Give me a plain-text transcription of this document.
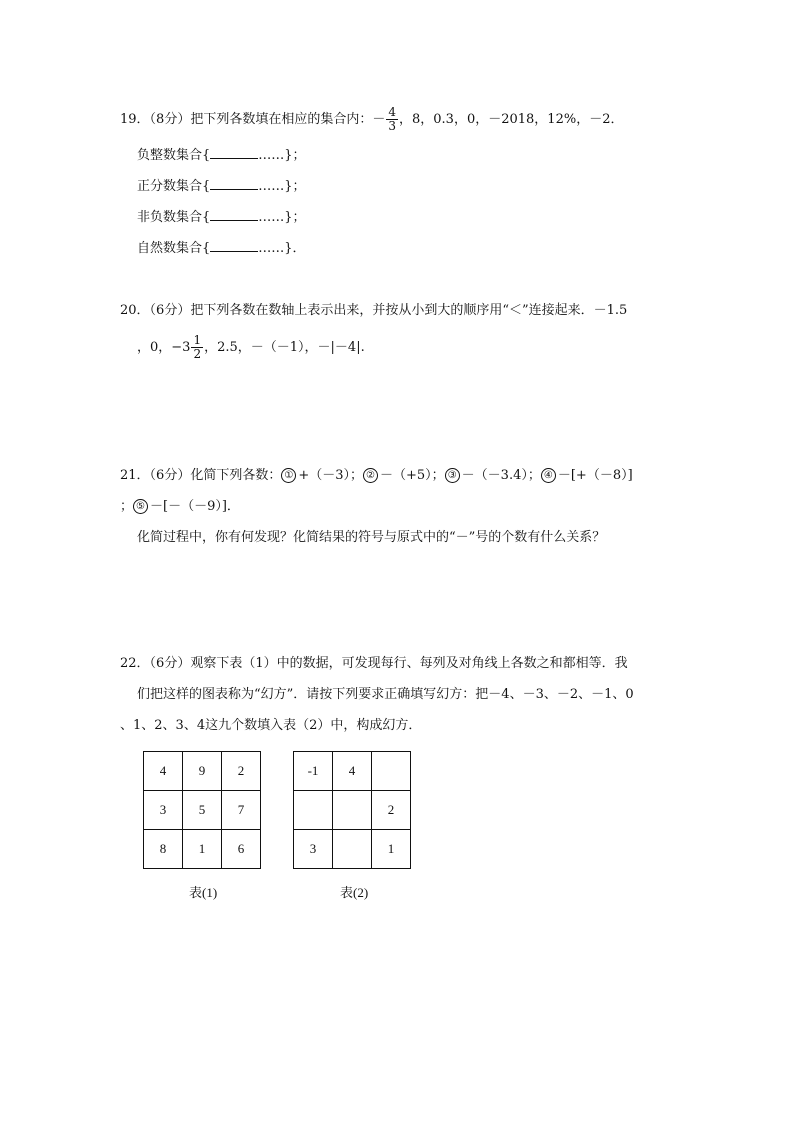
19．（8分）把下列各数填在相应的集合内：－ $\frac{4}{3}$ ，8，0.3，0，－2018，12%，－2．
负整数集合{	……}；
正分数集合{	……}；
非负数集合{	……}；
自然数集合{	……}．
20．（6分）把下列各数在数轴上表示出来，并按从小到大的顺序用“＜”连接起来．－1.5
，0，$-3 \frac{1}{2}$ ，2.5，－（－1），－|－4|.
21．（6分）化简下列各数： ① +（－3）； ② －（+5）； ③ －（－3.4）； ④ －[+（－8）]
； ⑤ －[－（－9）]．
化简过程中，你有何发现？化简结果的符号与原式中的“－”号的个数有什么关系？
22．（6分）观察下表（1）中的数据，可发现每行、每列及对角线上各数之和都相等．我
们把这样的图表称为“幻方”．请按下列要求正确填写幻方：把－4、－3、－2、－1、0
、1、2、3、4这九个数填入表（2）中，构成幻方．
4	9	2
3	5	7
8	1	6
-1	4	
		2
3		1
表(1)	表(2)
